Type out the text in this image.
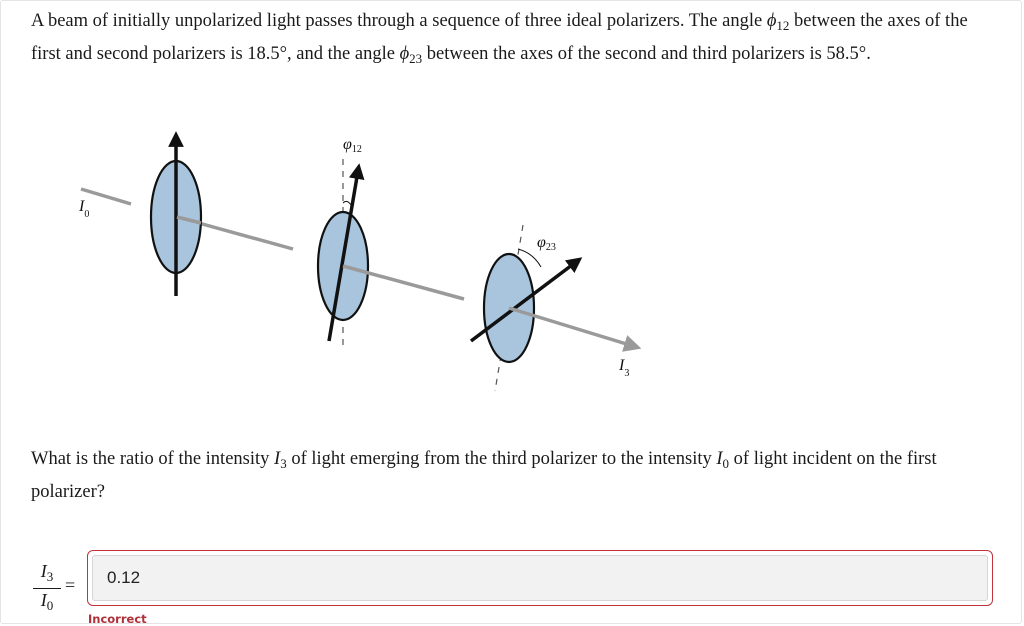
A beam of initially unpolarized light passes through a sequence of three ideal polarizers. The angle $\phi_{12}$ between the axes of the first and second polarizers is 18.5°, and the angle $\phi_{23}$ between the axes of the second and third polarizers is 58.5°.

$I_0$
φ12
φ23
$I_3$

What is the ratio of the intensity $I_3$ of light emerging from the third polarizer to the intensity $I_0$ of light incident on the first polarizer?

$I_3$
$I_0$
=	0.12
Incorrect
